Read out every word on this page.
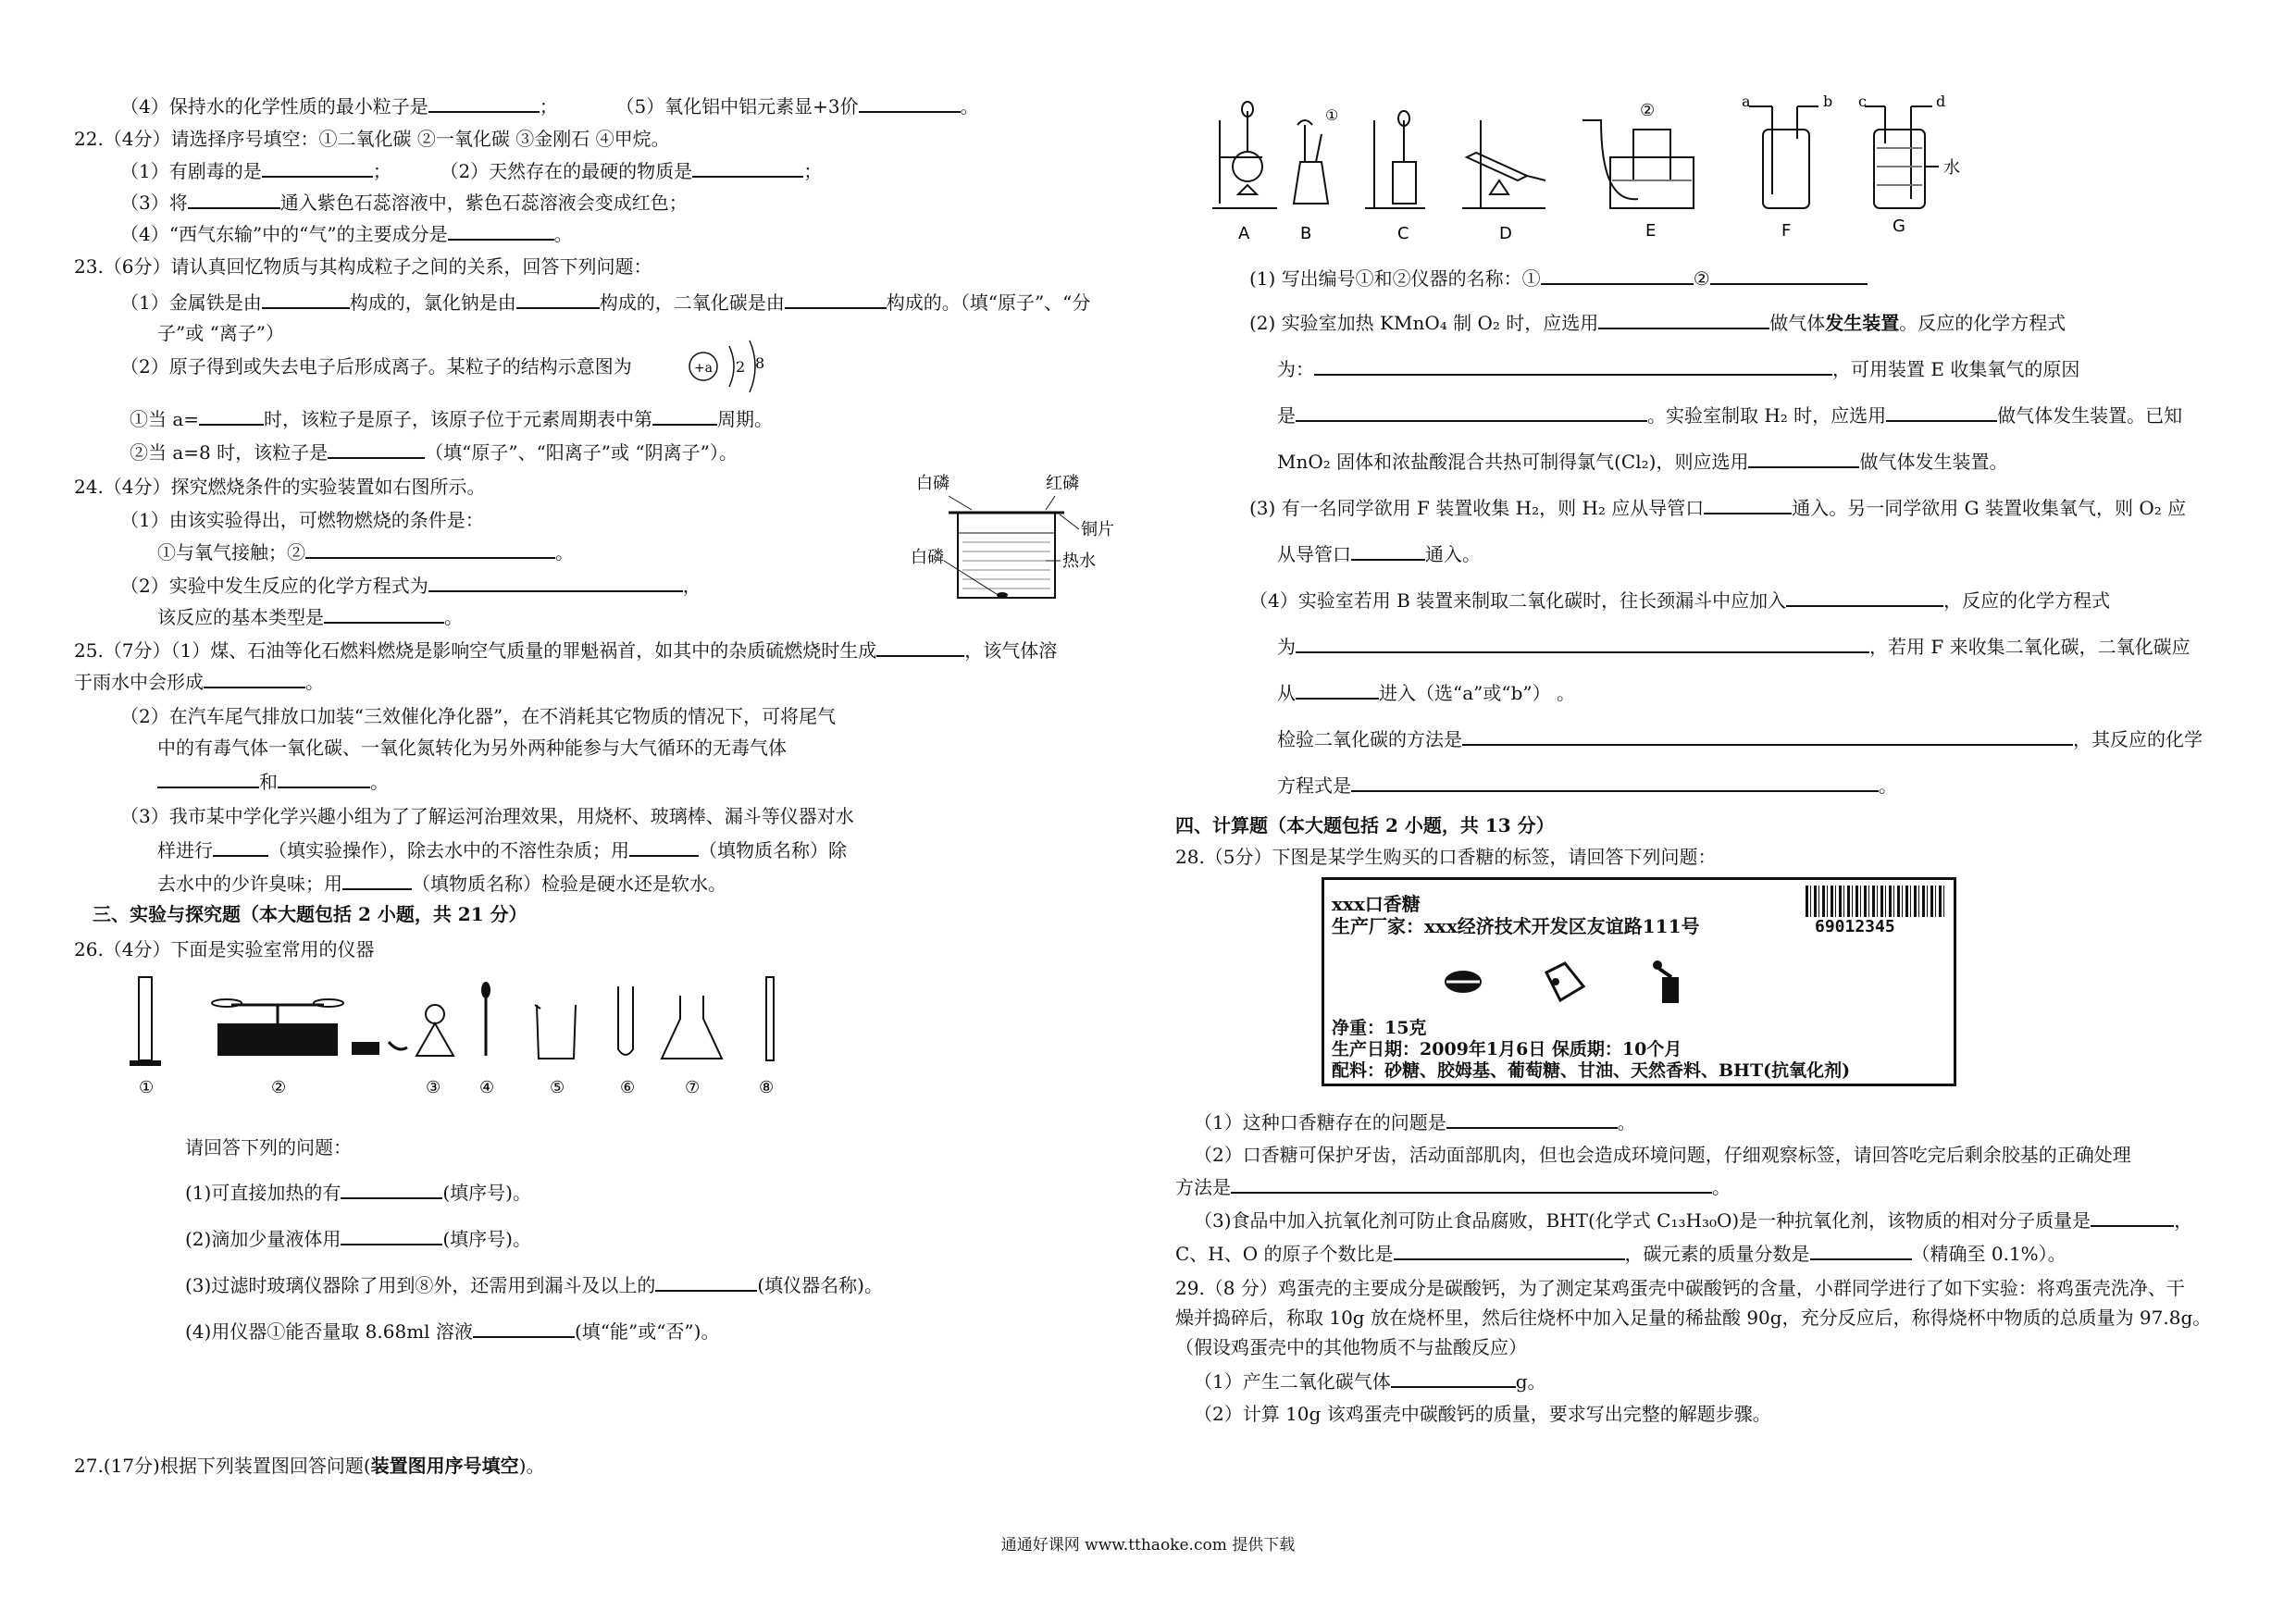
（4）保持水的化学性质的最小粒子是	；	（5）氧化铝中铝元素显+3价	。
22.（4分）请选择序号填空：①二氧化碳 ②一氧化碳 ③金刚石 ④甲烷。
（1）有剧毒的是	；	（2）天然存在的最硬的物质是	；
（3）将	通入紫色石蕊溶液中，紫色石蕊溶液会变成红色；
（4）“西气东输”中的“气”的主要成分是	。
23.（6分）请认真回忆物质与其构成粒子之间的关系，回答下列问题：
（1）金属铁是由	构成的，氯化钠是由	构成的，二氧化碳是由	构成的。（填“原子”、“分
子”或 “离子”）
（2）原子得到或失去电子后形成离子。某粒子的结构示意图为	+a 2 8
①当 a=	时，该粒子是原子，该原子位于元素周期表中第	周期。
②当 a=8 时，该粒子是	（填“原子”、“阳离子”或 “阴离子”）。
24.（4分）探究燃烧条件的实验装置如右图所示。
（1）由该实验得出，可燃物燃烧的条件是：
①与氧气接触；②	。
（2）实验中发生反应的化学方程式为	，
该反应的基本类型是	。
白磷	红磷
铜片
白磷	热水
25.（7分）（1）煤、石油等化石燃料燃烧是影响空气质量的罪魁祸首，如其中的杂质硫燃烧时生成	，该气体溶
于雨水中会形成	。
（2）在汽车尾气排放口加装“三效催化净化器”，在不消耗其它物质的情况下，可将尾气
中的有毒气体一氧化碳、一氧化氮转化为另外两种能参与大气循环的无毒气体
和	。
（3）我市某中学化学兴趣小组为了了解运河治理效果，用烧杯、玻璃棒、漏斗等仪器对水
样进行	（填实验操作），除去水中的不溶性杂质；用	（填物质名称）除
去水中的少许臭味；用	（填物质名称）检验是硬水还是软水。
三、实验与探究题（本大题包括 2 小题，共 21 分）
26.（4分）下面是实验室常用的仪器
①	②	③ ④	⑤	⑥	⑦	⑧
请回答下列的问题：
(1)可直接加热的有	(填序号)。
(2)滴加少量液体用	(填序号)。
(3)过滤时玻璃仪器除了用到⑧外，还需用到漏斗及以上的	(填仪器名称)。
(4)用仪器①能否量取 8.68ml 溶液	(填“能”或“否”)。
27.(17分)根据下列装置图回答问题(装置图用序号填空)。
①	②	a	b c	d
水
A	B	C	D	E	F	G
(1) 写出编号①和②仪器的名称：①	②
(2) 实验室加热 KMnO₄ 制 O₂ 时，应选用	做气体发生装置。反应的化学方程式
为：	，可用装置 E 收集氧气的原因
是	。实验室制取 H₂ 时，应选用	做气体发生装置。已知
MnO₂ 固体和浓盐酸混合共热可制得氯气(Cl₂)，则应选用	做气体发生装置。
(3) 有一名同学欲用 F 装置收集 H₂，则 H₂ 应从导管口	通入。另一同学欲用 G 装置收集氧气，则 O₂ 应
从导管口	通入。
（4）实验室若用 B 装置来制取二氧化碳时，往长颈漏斗中应加入	，反应的化学方程式
为	，若用 F 来收集二氧化碳，二氧化碳应
从	进入（选“a”或“b”） 。
检验二氧化碳的方法是	，其反应的化学
方程式是	。
四、计算题（本大题包括 2 小题，共 13 分）
28.（5分）下图是某学生购买的口香糖的标签，请回答下列问题：
xxx口香糖
生产厂家：xxx经济技术开发区友谊路111号	69012345
净重：15克
生产日期：2009年1月6日 保质期：10个月
配料：砂糖、胶姆基、葡萄糖、甘油、天然香料、BHT(抗氧化剂)
（1）这种口香糖存在的问题是	。
（2）口香糖可保护牙齿，活动面部肌肉，但也会造成环境问题，仔细观察标签，请回答吃完后剩余胶基的正确处理
方法是	。
（3)食品中加入抗氧化剂可防止食品腐败，BHT(化学式 C₁₃H₃₀O)是一种抗氧化剂，该物质的相对分子质量是	，
C、H、O 的原子个数比是	，碳元素的质量分数是	（精确至 0.1%）。
29.（8 分）鸡蛋壳的主要成分是碳酸钙，为了测定某鸡蛋壳中碳酸钙的含量，小群同学进行了如下实验：将鸡蛋壳洗净、干
燥并捣碎后，称取 10g 放在烧杯里，然后往烧杯中加入足量的稀盐酸 90g，充分反应后，称得烧杯中物质的总质量为 97.8g。
（假设鸡蛋壳中的其他物质不与盐酸反应）
（1）产生二氧化碳气体	g。
（2）计算 10g 该鸡蛋壳中碳酸钙的质量，要求写出完整的解题步骤。
通通好课网 www.tthaoke.com 提供下载
